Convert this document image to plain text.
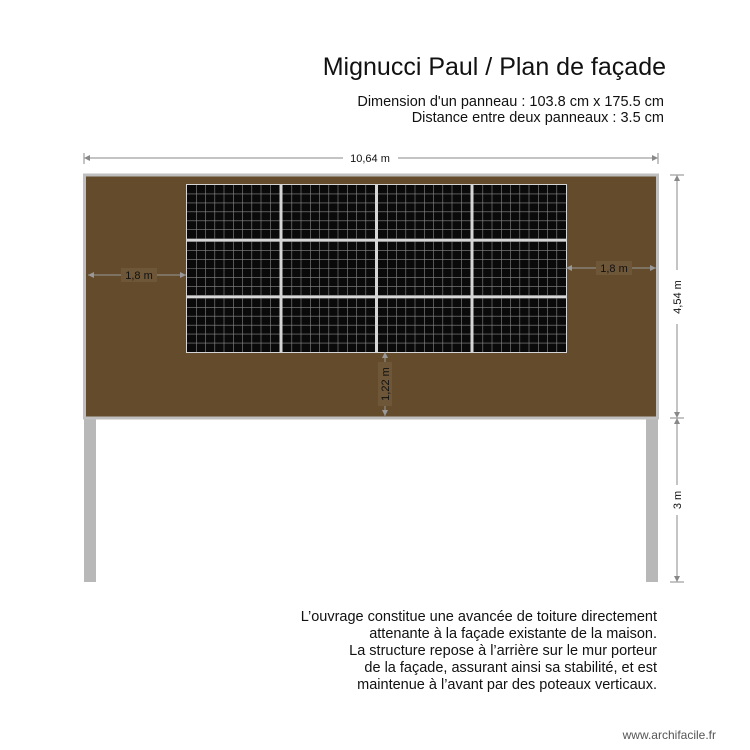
Mignucci Paul / Plan de façade
Dimension d'un panneau : 103.8 cm x 175.5 cm
Distance entre deux panneaux : 3.5 cm
10,64 m
1,8 m
1,8 m
1,22 m
4,54 m
3 m
L’ouvrage constitue une avancée de toiture directement
attenante à la façade existante de la maison.
La structure repose à l’arrière sur le mur porteur
de la façade, assurant ainsi sa stabilité, et est
maintenue à l’avant par des poteaux verticaux.
www.archifacile.fr
